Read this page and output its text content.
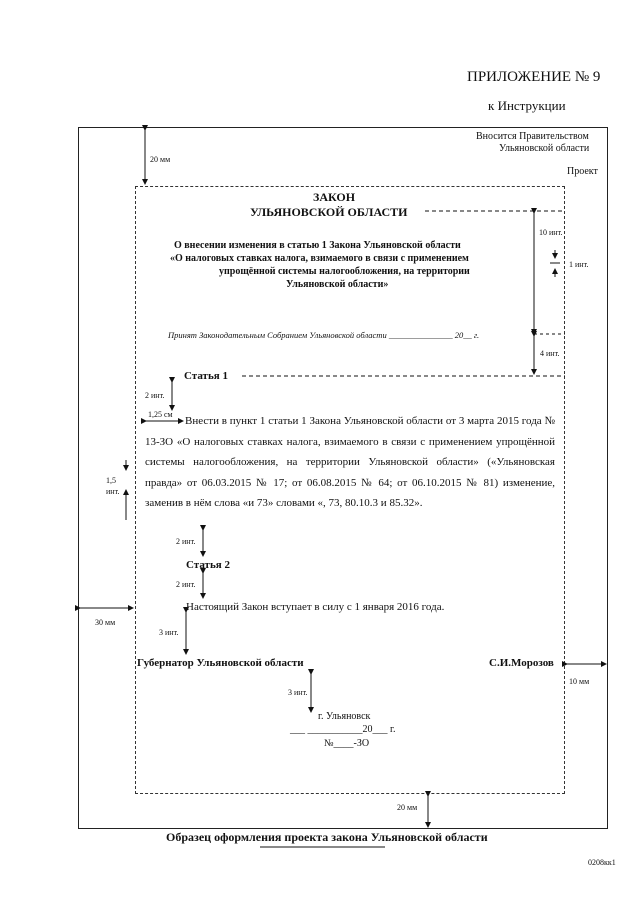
ПРИЛОЖЕНИЕ № 9
к Инструкции
Вносится Правительством
Ульяновской области
Проект
ЗАКОН
УЛЬЯНОВСКОЙ ОБЛАСТИ
О внесении изменения в статью 1 Закона Ульяновской области
«О налоговых ставках налога, взимаемого в связи с применением
упрощённой системы налогообложения, на территории
Ульяновской области»
Принят Законодательным Собранием Ульяновской области _______________ 20__ г.
Статья 1
Внести в пункт 1 статьи 1 Закона Ульяновской области от 3 марта 2015 года № 13-ЗО «О налоговых ставках налога, взимаемого в связи с применением упрощённой системы налогообложения, на территории Ульяновской области» («Ульяновская правда» от 06.03.2015 № 17; от 06.08.2015 № 64; от 06.10.2015 № 81) изменение, заменив в нём слова «и 73» словами «, 73, 80.10.3 и 85.32».
Статья 2
Настоящий Закон вступает в силу с 1 января 2016 года.
Губернатор Ульяновской области	С.И.Морозов
г. Ульяновск
___ ___________20___ г.
№____-ЗО
20 мм
10 инт.
1 инт.
4 инт.
2 инт.
1,25 см
1,5
инт.
2 инт.
2 инт.
30 мм
3 инт.
10 мм
3 инт.
20 мм
Образец оформления проекта закона Ульяновской области
0208кк1
